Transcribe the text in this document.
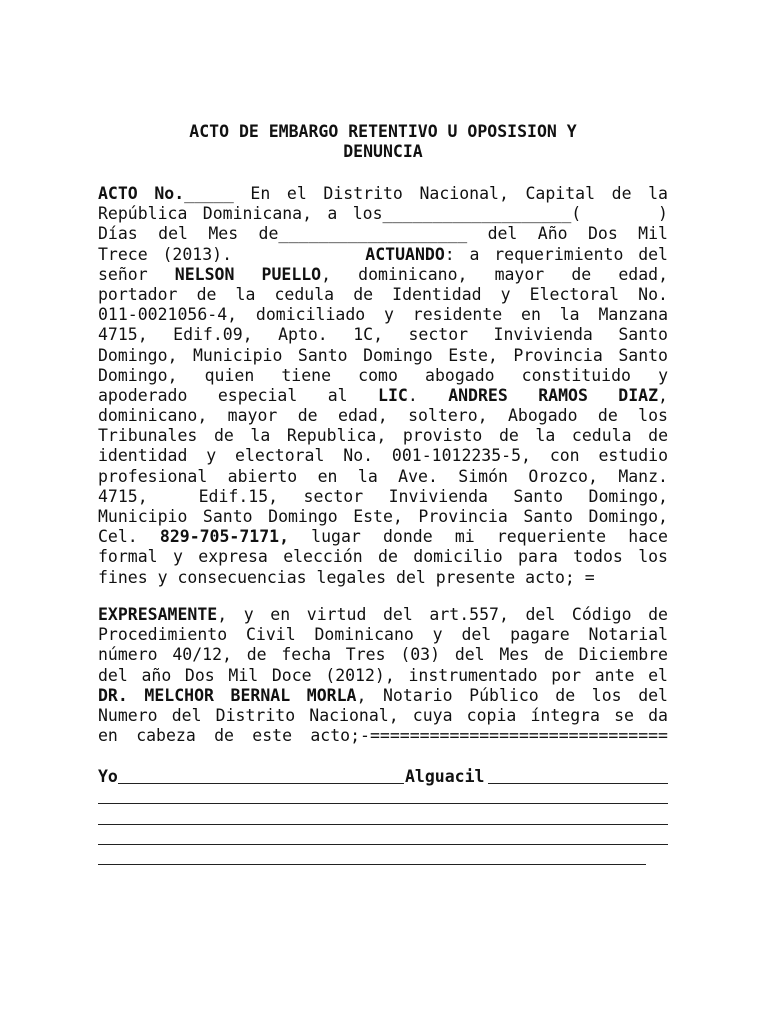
ACTO DE EMBARGO RETENTIVO U OPOSISION Y
DENUNCIA
ACTO No._____ En el Distrito Nacional, Capital de la
República Dominicana, a los___________________(     )
Días del Mes de___________________ del Año Dos Mil
Trece (2013).         ACTUANDO: a requerimiento del
señor NELSON PUELLO, dominicano, mayor de edad,
portador de la cedula de Identidad y Electoral No.
011-0021056-4, domiciliado y residente en la Manzana
4715, Edif.09, Apto. 1C, sector Invivienda Santo
Domingo, Municipio Santo Domingo Este, Provincia Santo
Domingo, quien tiene como abogado constituido y
apoderado especial al LIC. ANDRES RAMOS DIAZ,
dominicano, mayor de edad, soltero, Abogado de los
Tribunales de la Republica, provisto de la cedula de
identidad y electoral No. 001-1012235-5, con estudio
profesional abierto en la Ave. Simón Orozco, Manz.
4715,  Edif.15, sector Invivienda Santo Domingo,
Municipio Santo Domingo Este, Provincia Santo Domingo,
Cel. 829-705-7171, lugar donde mi requeriente hace
formal y expresa elección de domicilio para todos los
fines y consecuencias legales del presente acto; =
EXPRESAMENTE, y en virtud del art.557, del Código de
Procedimiento Civil Dominicano y del pagare Notarial
número 40/12, de fecha Tres (03) del Mes de Diciembre
del año Dos Mil Doce (2012), instrumentado por ante el
DR. MELCHOR BERNAL MORLA, Notario Público de los del
Numero del Distrito Nacional, cuya copia íntegra se da
en cabeza de este acto;-==============================

Yo

	Alguacil
